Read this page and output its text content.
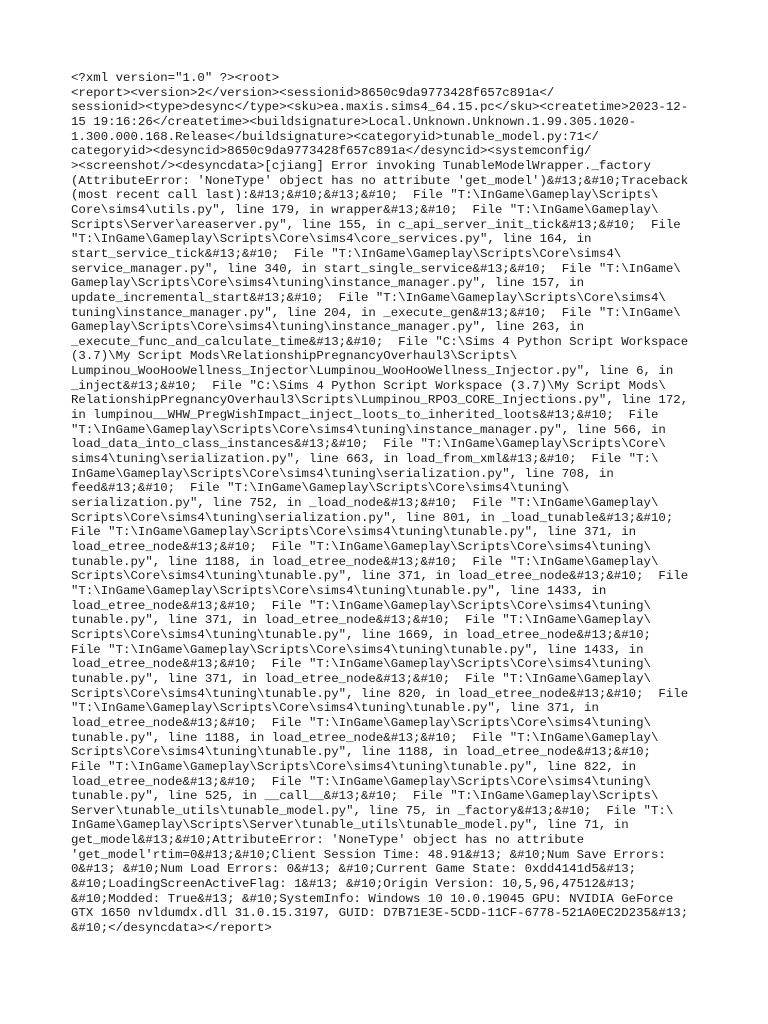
<?xml version="1.0" ?><root>
<report><version>2</version><sessionid>8650c9da9773428f657c891a</
sessionid><type>desync</type><sku>ea.maxis.sims4_64.15.pc</sku><createtime>2023-12-
15 19:16:26</createtime><buildsignature>Local.Unknown.Unknown.1.99.305.1020-
1.300.000.168.Release</buildsignature><categoryid>tunable_model.py:71</
categoryid><desyncid>8650c9da9773428f657c891a</desyncid><systemconfig/
><screenshot/><desyncdata>[cjiang] Error invoking TunableModelWrapper._factory
(AttributeError: 'NoneType' object has no attribute 'get_model')&#13;&#10;Traceback
(most recent call last):&#13;&#10;&#13;&#10;  File "T:\InGame\Gameplay\Scripts\
Core\sims4\utils.py", line 179, in wrapper&#13;&#10;  File "T:\InGame\Gameplay\
Scripts\Server\areaserver.py", line 155, in c_api_server_init_tick&#13;&#10;  File
"T:\InGame\Gameplay\Scripts\Core\sims4\core_services.py", line 164, in
start_service_tick&#13;&#10;  File "T:\InGame\Gameplay\Scripts\Core\sims4\
service_manager.py", line 340, in start_single_service&#13;&#10;  File "T:\InGame\
Gameplay\Scripts\Core\sims4\tuning\instance_manager.py", line 157, in
update_incremental_start&#13;&#10;  File "T:\InGame\Gameplay\Scripts\Core\sims4\
tuning\instance_manager.py", line 204, in _execute_gen&#13;&#10;  File "T:\InGame\
Gameplay\Scripts\Core\sims4\tuning\instance_manager.py", line 263, in
_execute_func_and_calculate_time&#13;&#10;  File "C:\Sims 4 Python Script Workspace
(3.7)\My Script Mods\RelationshipPregnancyOverhaul3\Scripts\
Lumpinou_WooHooWellness_Injector\Lumpinou_WooHooWellness_Injector.py", line 6, in
_inject&#13;&#10;  File "C:\Sims 4 Python Script Workspace (3.7)\My Script Mods\
RelationshipPregnancyOverhaul3\Scripts\Lumpinou_RPO3_CORE_Injections.py", line 172,
in lumpinou__WHW_PregWishImpact_inject_loots_to_inherited_loots&#13;&#10;  File
"T:\InGame\Gameplay\Scripts\Core\sims4\tuning\instance_manager.py", line 566, in
load_data_into_class_instances&#13;&#10;  File "T:\InGame\Gameplay\Scripts\Core\
sims4\tuning\serialization.py", line 663, in load_from_xml&#13;&#10;  File "T:\
InGame\Gameplay\Scripts\Core\sims4\tuning\serialization.py", line 708, in
feed&#13;&#10;  File "T:\InGame\Gameplay\Scripts\Core\sims4\tuning\
serialization.py", line 752, in _load_node&#13;&#10;  File "T:\InGame\Gameplay\
Scripts\Core\sims4\tuning\serialization.py", line 801, in _load_tunable&#13;&#10;
File "T:\InGame\Gameplay\Scripts\Core\sims4\tuning\tunable.py", line 371, in
load_etree_node&#13;&#10;  File "T:\InGame\Gameplay\Scripts\Core\sims4\tuning\
tunable.py", line 1188, in load_etree_node&#13;&#10;  File "T:\InGame\Gameplay\
Scripts\Core\sims4\tuning\tunable.py", line 371, in load_etree_node&#13;&#10;  File
"T:\InGame\Gameplay\Scripts\Core\sims4\tuning\tunable.py", line 1433, in
load_etree_node&#13;&#10;  File "T:\InGame\Gameplay\Scripts\Core\sims4\tuning\
tunable.py", line 371, in load_etree_node&#13;&#10;  File "T:\InGame\Gameplay\
Scripts\Core\sims4\tuning\tunable.py", line 1669, in load_etree_node&#13;&#10;
File "T:\InGame\Gameplay\Scripts\Core\sims4\tuning\tunable.py", line 1433, in
load_etree_node&#13;&#10;  File "T:\InGame\Gameplay\Scripts\Core\sims4\tuning\
tunable.py", line 371, in load_etree_node&#13;&#10;  File "T:\InGame\Gameplay\
Scripts\Core\sims4\tuning\tunable.py", line 820, in load_etree_node&#13;&#10;  File
"T:\InGame\Gameplay\Scripts\Core\sims4\tuning\tunable.py", line 371, in
load_etree_node&#13;&#10;  File "T:\InGame\Gameplay\Scripts\Core\sims4\tuning\
tunable.py", line 1188, in load_etree_node&#13;&#10;  File "T:\InGame\Gameplay\
Scripts\Core\sims4\tuning\tunable.py", line 1188, in load_etree_node&#13;&#10;
File "T:\InGame\Gameplay\Scripts\Core\sims4\tuning\tunable.py", line 822, in
load_etree_node&#13;&#10;  File "T:\InGame\Gameplay\Scripts\Core\sims4\tuning\
tunable.py", line 525, in __call__&#13;&#10;  File "T:\InGame\Gameplay\Scripts\
Server\tunable_utils\tunable_model.py", line 75, in _factory&#13;&#10;  File "T:\
InGame\Gameplay\Scripts\Server\tunable_utils\tunable_model.py", line 71, in
get_model&#13;&#10;AttributeError: 'NoneType' object has no attribute
'get_model'rtim=0&#13;&#10;Client Session Time: 48.91&#13; &#10;Num Save Errors:
0&#13; &#10;Num Load Errors: 0&#13; &#10;Current Game State: 0xdd4141d5&#13;
&#10;LoadingScreenActiveFlag: 1&#13; &#10;Origin Version: 10,5,96,47512&#13;
&#10;Modded: True&#13; &#10;SystemInfo: Windows 10 10.0.19045 GPU: NVIDIA GeForce
GTX 1650 nvldumdx.dll 31.0.15.3197, GUID: D7B71E3E-5CDD-11CF-6778-521A0EC2D235&#13;
&#10;</desyncdata></report>
